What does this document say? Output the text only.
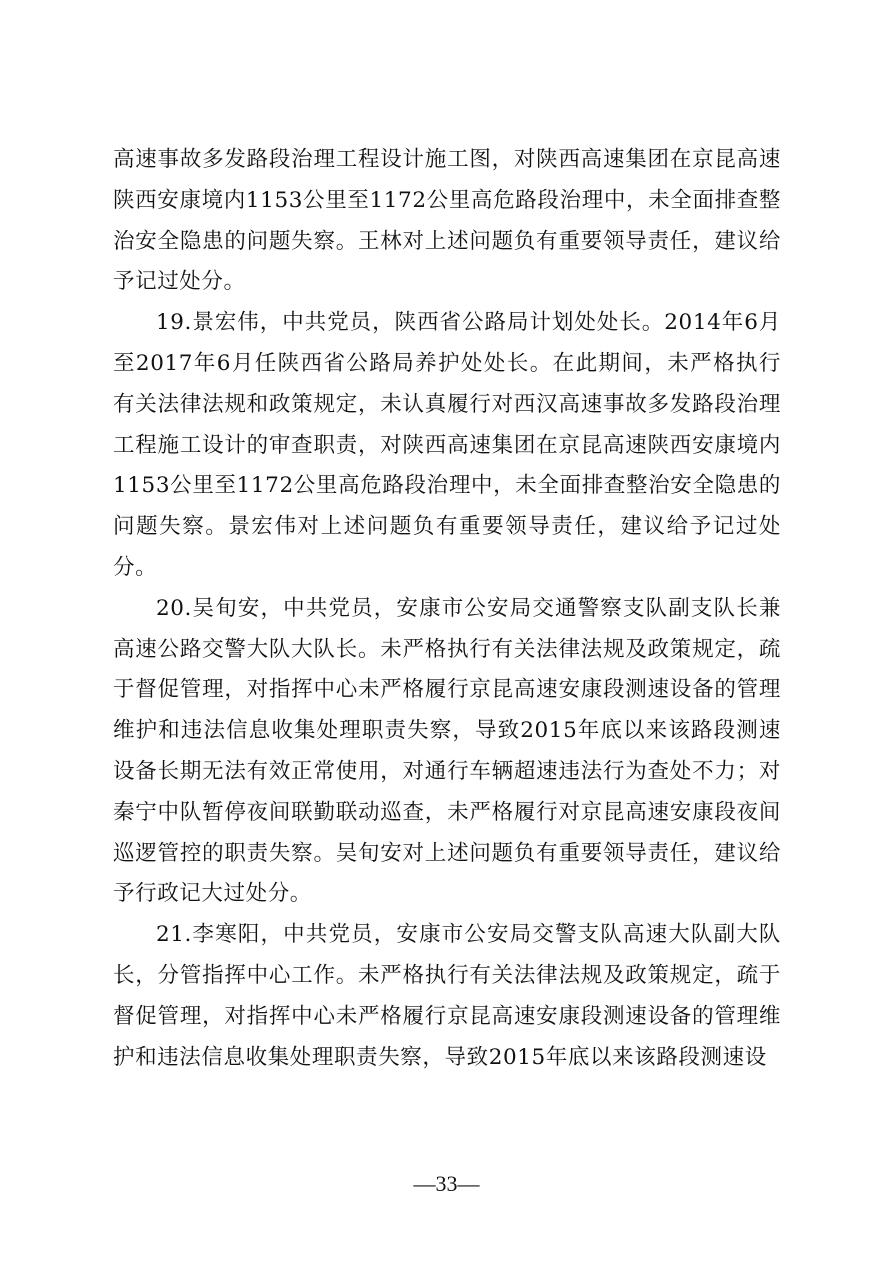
高速事故多发路段治理工程设计施工图，对陕西高速集团在京昆高速陕西安康境内1153公里至1172公里高危路段治理中，未全面排查整治安全隐患的问题失察。王林对上述问题负有重要领导责任，建议给予记过处分。

19.景宏伟，中共党员，陕西省公路局计划处处长。2014年6月至2017年6月任陕西省公路局养护处处长。在此期间，未严格执行有关法律法规和政策规定，未认真履行对西汉高速事故多发路段治理工程施工设计的审查职责，对陕西高速集团在京昆高速陕西安康境内1153公里至1172公里高危路段治理中，未全面排查整治安全隐患的问题失察。景宏伟对上述问题负有重要领导责任，建议给予记过处分。

20.吴旬安，中共党员，安康市公安局交通警察支队副支队长兼高速公路交警大队大队长。未严格执行有关法律法规及政策规定，疏于督促管理，对指挥中心未严格履行京昆高速安康段测速设备的管理维护和违法信息收集处理职责失察，导致2015年底以来该路段测速设备长期无法有效正常使用，对通行车辆超速违法行为查处不力；对秦宁中队暂停夜间联勤联动巡查，未严格履行对京昆高速安康段夜间巡逻管控的职责失察。吴旬安对上述问题负有重要领导责任，建议给予行政记大过处分。

21.李寒阳，中共党员，安康市公安局交警支队高速大队副大队长，分管指挥中心工作。未严格执行有关法律法规及政策规定，疏于督促管理，对指挥中心未严格履行京昆高速安康段测速设备的管理维护和违法信息收集处理职责失察，导致2015年底以来该路段测速设

—33—
